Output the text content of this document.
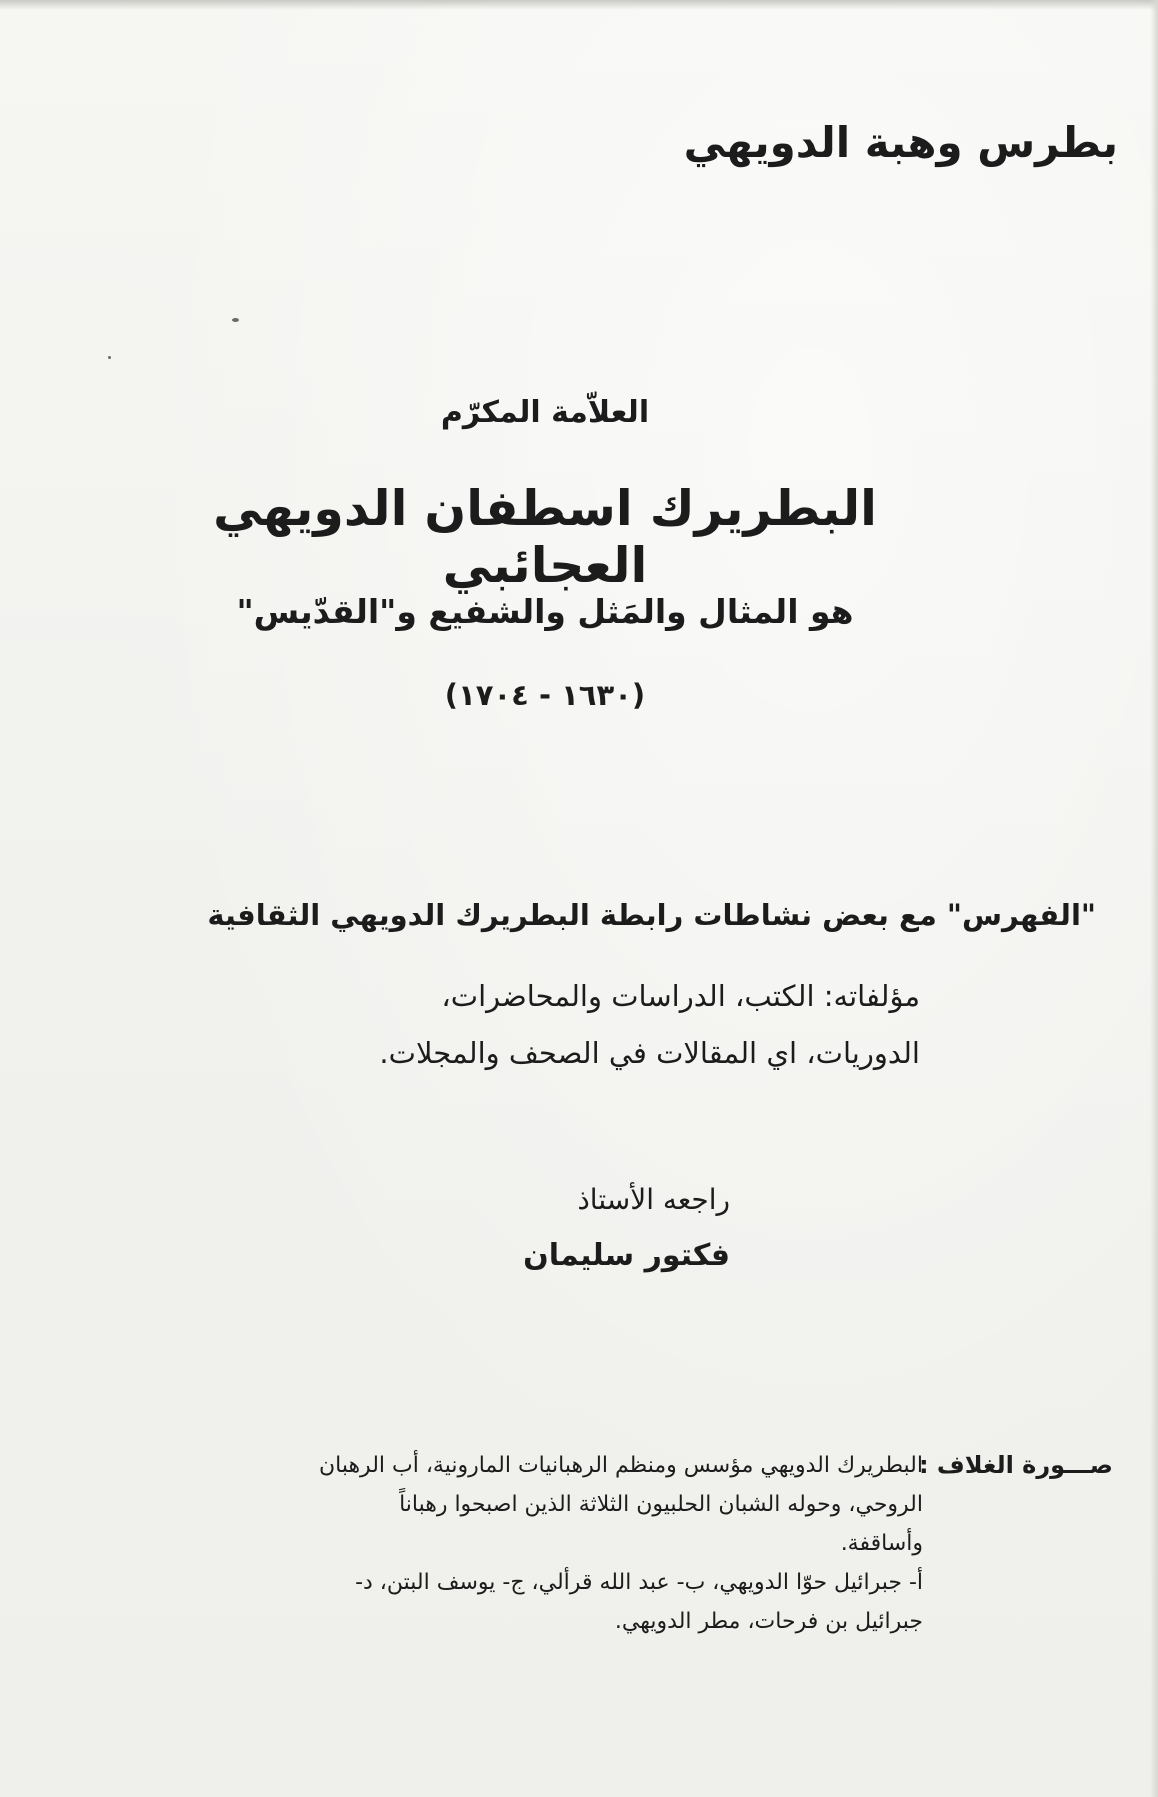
بطرس وهبة الدويهي
العلاّمة المكرّم
البطريرك اسطفان الدويهي العجائبي
هو المثال والمَثل والشفيع و"القدّيس"
(١٦٣٠ - ١٧٠٤)
"الفهرس" مع بعض نشاطات رابطة البطريرك الدويهي الثقافية

مؤلفاته: الكتب، الدراسات والمحاضرات،

الدوريات، اي المقالات في الصحف والمجلات.

راجعه الأستاذ
فكتور سليمان
صـــورة الغلاف :

البطريرك الدويهي مؤسس ومنظم الرهبانيات المارونية، أب الرهبان

الروحي، وحوله الشبان الحلبيون الثلاثة الذين اصبحوا رهباناً

وأساقفة.

أ- جبرائيل حوّا الدويهي، ب- عبد الله قرألي، ج- يوسف البتن، د-

جبرائيل بن فرحات، مطر الدويهي.
